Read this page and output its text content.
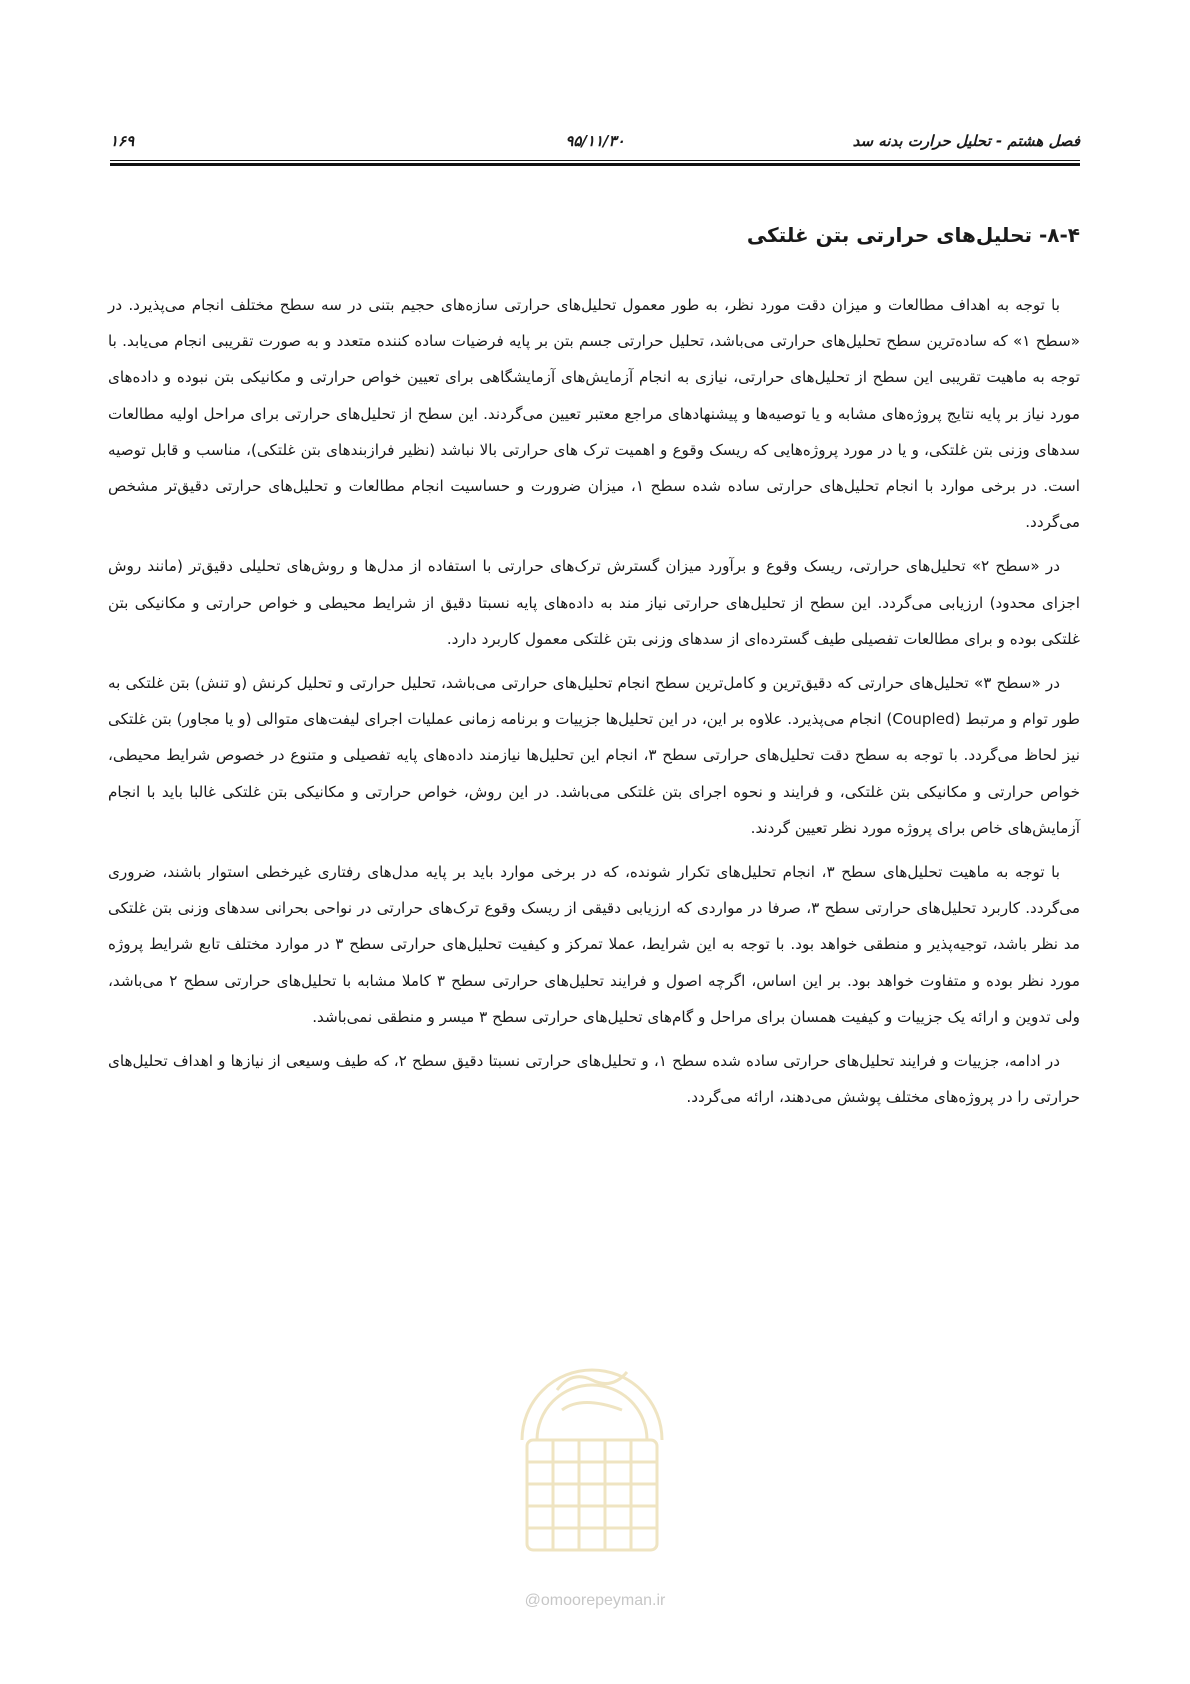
فصل هشتم - تحلیل حرارت بدنه سد
۹۵/۱۱/۳۰
۱۶۹
۸-۴- تحلیل‌های حرارتی بتن غلتکی

با توجه به اهداف مطالعات و میزان دقت مورد نظر، به طور معمول تحلیل‌های حرارتی سازه‌های حجیم بتنی در سه سطح مختلف انجام می‌پذیرد. در «سطح ۱» که ساده‌ترین سطح تحلیل‌های حرارتی می‌باشد، تحلیل حرارتی جسم بتن بر پایه فرضیات ساده کننده متعدد و به صورت تقریبی انجام می‌یابد. با توجه به ماهیت تقریبی این سطح از تحلیل‌های حرارتی، نیازی به انجام آزمایش‌های آزمایشگاهی برای تعیین خواص حرارتی و مکانیکی بتن نبوده و داده‌های مورد نیاز بر پایه نتایج پروژه‌های مشابه و یا توصیه‌ها و پیشنهادهای مراجع معتبر تعیین می‌گردند. این سطح از تحلیل‌های حرارتی برای مراحل اولیه مطالعات سدهای وزنی بتن غلتکی، و یا در مورد پروژه‌هایی که ریسک وقوع و اهمیت ترک های حرارتی بالا نباشد (نظیر فرازبندهای بتن غلتکی)، مناسب و قابل توصیه است. در برخی موارد با انجام تحلیل‌های حرارتی ساده شده سطح ۱، میزان ضرورت و حساسیت انجام مطالعات و تحلیل‌های حرارتی دقیق‌تر مشخص می‌گردد.

در «سطح ۲» تحلیل‌های حرارتی، ریسک وقوع و برآورد میزان گسترش ترک‌های حرارتی با استفاده از مدل‌ها و روش‌های تحلیلی دقیق‌تر (مانند روش اجزای محدود) ارزیابی می‌گردد. این سطح از تحلیل‌های حرارتی نیاز مند به داده‌های پایه نسبتا دقیق از شرایط محیطی و خواص حرارتی و مکانیکی بتن غلتکی بوده و برای مطالعات تفصیلی طیف گسترده‌ای از سدهای وزنی بتن غلتکی معمول کاربرد دارد.

در «سطح ۳» تحلیل‌های حرارتی که دقیق‌ترین و کامل‌ترین سطح انجام تحلیل‌های حرارتی می‌باشد، تحلیل حرارتی و تحلیل کرنش (و تنش) بتن غلتکی به طور توام و مرتبط (Coupled) انجام می‌پذیرد. علاوه بر این، در این تحلیل‌ها جزییات و برنامه زمانی عملیات اجرای لیفت‌های متوالی (و یا مجاور) بتن غلتکی نیز لحاظ می‌گردد. با توجه به سطح دقت تحلیل‌های حرارتی سطح ۳، انجام این تحلیل‌ها نیازمند داده‌های پایه تفصیلی و متنوع در خصوص شرایط محیطی، خواص حرارتی و مکانیکی بتن غلتکی، و فرایند و نحوه اجرای بتن غلتکی می‌باشد. در این روش، خواص حرارتی و مکانیکی بتن غلتکی غالبا باید با انجام آزمایش‌های خاص برای پروژه مورد نظر تعیین گردند.

با توجه به ماهیت تحلیل‌های سطح ۳، انجام تحلیل‌های تکرار شونده، که در برخی موارد باید بر پایه مدل‌های رفتاری غیرخطی استوار باشند، ضروری می‌گردد. کاربرد تحلیل‌های حرارتی سطح ۳، صرفا در مواردی که ارزیابی دقیقی از ریسک وقوع ترک‌های حرارتی در نواحی بحرانی سدهای وزنی بتن غلتکی مد نظر باشد، توجیه‌پذیر و منطقی خواهد بود. با توجه به این شرایط، عملا تمرکز و کیفیت تحلیل‌های حرارتی سطح ۳ در موارد مختلف تابع شرایط پروژه مورد نظر بوده و متفاوت خواهد بود. بر این اساس، اگرچه اصول و فرایند تحلیل‌های حرارتی سطح ۳ کاملا مشابه با تحلیل‌های حرارتی سطح ۲ می‌باشد، ولی تدوین و ارائه یک جزییات و کیفیت همسان برای مراحل و گام‌های تحلیل‌های حرارتی سطح ۳ میسر و منطقی نمی‌باشد.

در ادامه، جزییات و فرایند تحلیل‌های حرارتی ساده شده سطح ۱، و تحلیل‌های حرارتی نسبتا دقیق سطح ۲، که طیف وسیعی از نیازها و اهداف تحلیل‌های حرارتی را در پروژه‌های مختلف پوشش می‌دهند، ارائه می‌گردد.

@omoorepeyman.ir
